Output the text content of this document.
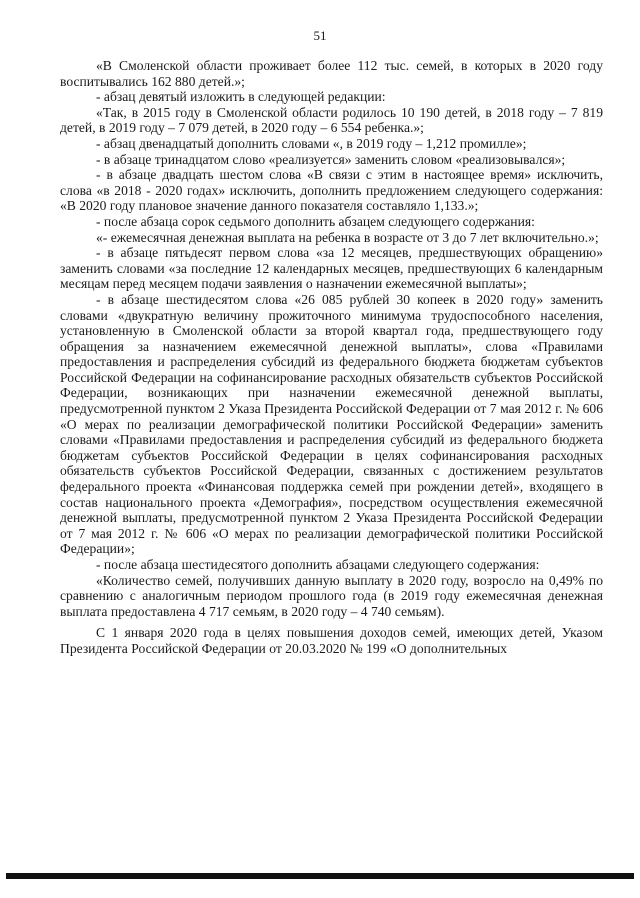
51

«В Смоленской области проживает более 112 тыс. семей, в которых в 2020 году воспитывались 162 880 детей.»;

- абзац девятый изложить в следующей редакции:

«Так, в 2015 году в Смоленской области родилось 10 190 детей, в 2018 году – 7 819 детей, в 2019 году – 7 079 детей, в 2020 году – 6 554 ребенка.»;

- абзац двенадцатый дополнить словами «, в 2019 году – 1,212 промилле»;

- в абзаце тринадцатом слово «реализуется» заменить словом «реализовывался»;

- в абзаце двадцать шестом слова «В связи с этим в настоящее время» исключить, слова «в 2018 - 2020 годах» исключить, дополнить предложением следующего содержания: «В 2020 году плановое значение данного показателя составляло 1,133.»;

- после абзаца сорок седьмого дополнить абзацем следующего содержания:

«- ежемесячная денежная выплата на ребенка в возрасте от 3 до 7 лет включительно.»;

- в абзаце пятьдесят первом слова «за 12 месяцев, предшествующих обращению» заменить словами «за последние 12 календарных месяцев, предшествующих 6 календарным месяцам перед месяцем подачи заявления о назначении ежемесячной выплаты»;

- в абзаце шестидесятом слова «26 085 рублей 30 копеек в 2020 году» заменить словами «двукратную величину прожиточного минимума трудоспособного населения, установленную в Смоленской области за второй квартал года, предшествующего году обращения за назначением ежемесячной денежной выплаты», слова «Правилами предоставления и распределения субсидий из федерального бюджета бюджетам субъектов Российской Федерации на софинансирование расходных обязательств субъектов Российской Федерации, возникающих при назначении ежемесячной денежной выплаты, предусмотренной пунктом 2 Указа Президента Российской Федерации от 7 мая 2012 г. № 606 «О мерах по реализации демографической политики Российской Федерации» заменить словами «Правилами предоставления и распределения субсидий из федерального бюджета бюджетам субъектов Российской Федерации в целях софинансирования расходных обязательств субъектов Российской Федерации, связанных с достижением результатов федерального проекта «Финансовая поддержка семей при рождении детей», входящего в состав национального проекта «Демография», посредством осуществления ежемесячной денежной выплаты, предусмотренной пунктом 2 Указа Президента Российской Федерации от 7 мая 2012 г. № 606 «О мерах по реализации демографической политики Российской Федерации»;

- после абзаца шестидесятого дополнить абзацами следующего содержания:

«Количество семей, получивших данную выплату в 2020 году, возросло на 0,49% по сравнению с аналогичным периодом прошлого года (в 2019 году ежемесячная денежная выплата предоставлена 4 717 семьям, в 2020 году – 4 740 семьям).

С 1 января 2020 года в целях повышения доходов семей, имеющих детей, Указом Президента Российской Федерации от 20.03.2020 № 199 «О дополнительных
